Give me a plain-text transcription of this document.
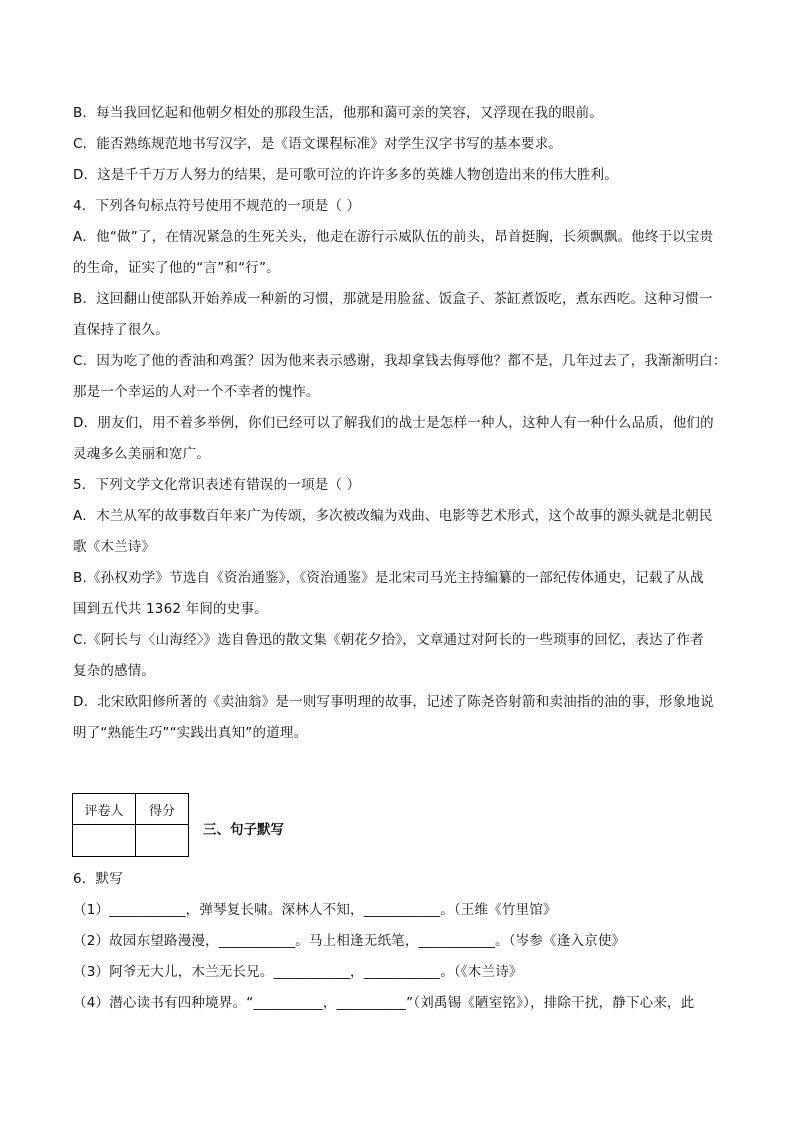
B．每当我回忆起和他朝夕相处的那段生活，他那和蔼可亲的笑容，又浮现在我的眼前。
C．能否熟练规范地书写汉字，是《语文课程标准》对学生汉字书写的基本要求。
D．这是千千万万人努力的结果，是可歌可泣的许许多多的英雄人物创造出来的伟大胜利。
4．下列各句标点符号使用不规范的一项是（ ）
A．他“做”了，在情况紧急的生死关头，他走在游行示威队伍的前头，昂首挺胸，长须飘飘。他终于以宝贵
的生命，证实了他的“言”和“行”。
B．这回翻山使部队开始养成一种新的习惯，那就是用脸盆、饭盒子、茶缸煮饭吃，煮东西吃。这种习惯一
直保持了很久。
C．因为吃了他的香油和鸡蛋？因为他来表示感谢，我却拿钱去侮辱他？都不是，几年过去了，我渐渐明白：
那是一个幸运的人对一个不幸者的愧怍。
D．朋友们，用不着多举例，你们已经可以了解我们的战士是怎样一种人，这种人有一种什么品质，他们的
灵魂多么美丽和宽广。
5．下列文学文化常识表述有错误的一项是（ ）
A．木兰从军的故事数百年来广为传颂，多次被改编为戏曲、电影等艺术形式，这个故事的源头就是北朝民
歌《木兰诗》
B.《孙权劝学》节选自《资治通鉴》，《资治通鉴》是北宋司马光主持编纂的一部纪传体通史，记载了从战
国到五代共 1362 年间的史事。
C.《阿长与〈山海经〉》选自鲁迅的散文集《朝花夕拾》，文章通过对阿长的一些琐事的回忆，表达了作者
复杂的感情。
D．北宋欧阳修所著的《卖油翁》是一则写事明理的故事，记述了陈尧咨射箭和卖油指的油的事，形象地说
明了“熟能生巧”“实践出真知”的道理。
评卷人	得分

三、句子默写
6．默写
（1）___________，弹琴复长啸。深林人不知，___________。（王维《竹里馆》
（2）故园东望路漫漫，___________。马上相逢无纸笔，___________。（岑参《逢入京使》
（3）阿爷无大儿，木兰无长兄。___________，___________。（《木兰诗》
（4）潜心读书有四种境界。“__________，__________”（刘禹锡《陋室铭》），排除干扰，静下心来，此
